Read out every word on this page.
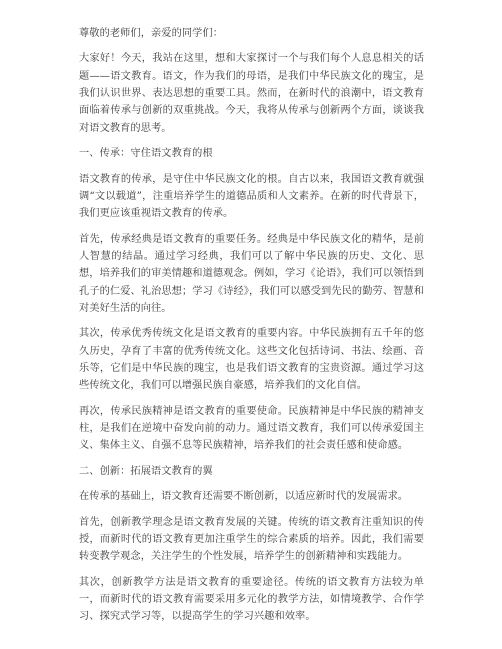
尊敬的老师们，亲爱的同学们：

大家好！今天，我站在这里，想和大家探讨一个与我们每个人息息相关的话题——语文教育。语文，作为我们的母语，是我们中华民族文化的瑰宝，是我们认识世界、表达思想的重要工具。然而，在新时代的浪潮中，语文教育面临着传承与创新的双重挑战。今天，我将从传承与创新两个方面，谈谈我对语文教育的思考。

一、传承：守住语文教育的根

语文教育的传承，是守住中华民族文化的根。自古以来，我国语文教育就强调“文以载道”，注重培养学生的道德品质和人文素养。在新的时代背景下，我们更应该重视语文教育的传承。

首先，传承经典是语文教育的重要任务。经典是中华民族文化的精华，是前人智慧的结晶。通过学习经典，我们可以了解中华民族的历史、文化、思想，培养我们的审美情趣和道德观念。例如，学习《论语》，我们可以领悟到孔子的仁爱、礼治思想；学习《诗经》，我们可以感受到先民的勤劳、智慧和对美好生活的向往。

其次，传承优秀传统文化是语文教育的重要内容。中华民族拥有五千年的悠久历史，孕育了丰富的优秀传统文化。这些文化包括诗词、书法、绘画、音乐等，它们是中华民族的瑰宝，也是我们语文教育的宝贵资源。通过学习这些传统文化，我们可以增强民族自豪感，培养我们的文化自信。

再次，传承民族精神是语文教育的重要使命。民族精神是中华民族的精神支柱，是我们在逆境中奋发向前的动力。通过语文教育，我们可以传承爱国主义、集体主义、自强不息等民族精神，培养我们的社会责任感和使命感。

二、创新：拓展语文教育的翼

在传承的基础上，语文教育还需要不断创新，以适应新时代的发展需求。

首先，创新教学理念是语文教育发展的关键。传统的语文教育注重知识的传授，而新时代的语文教育更加注重学生的综合素质的培养。因此，我们需要转变教学观念，关注学生的个性发展，培养学生的创新精神和实践能力。

其次，创新教学方法是语文教育的重要途径。传统的语文教育方法较为单一，而新时代的语文教育需要采用多元化的教学方法，如情境教学、合作学习、探究式学习等，以提高学生的学习兴趣和效率。
